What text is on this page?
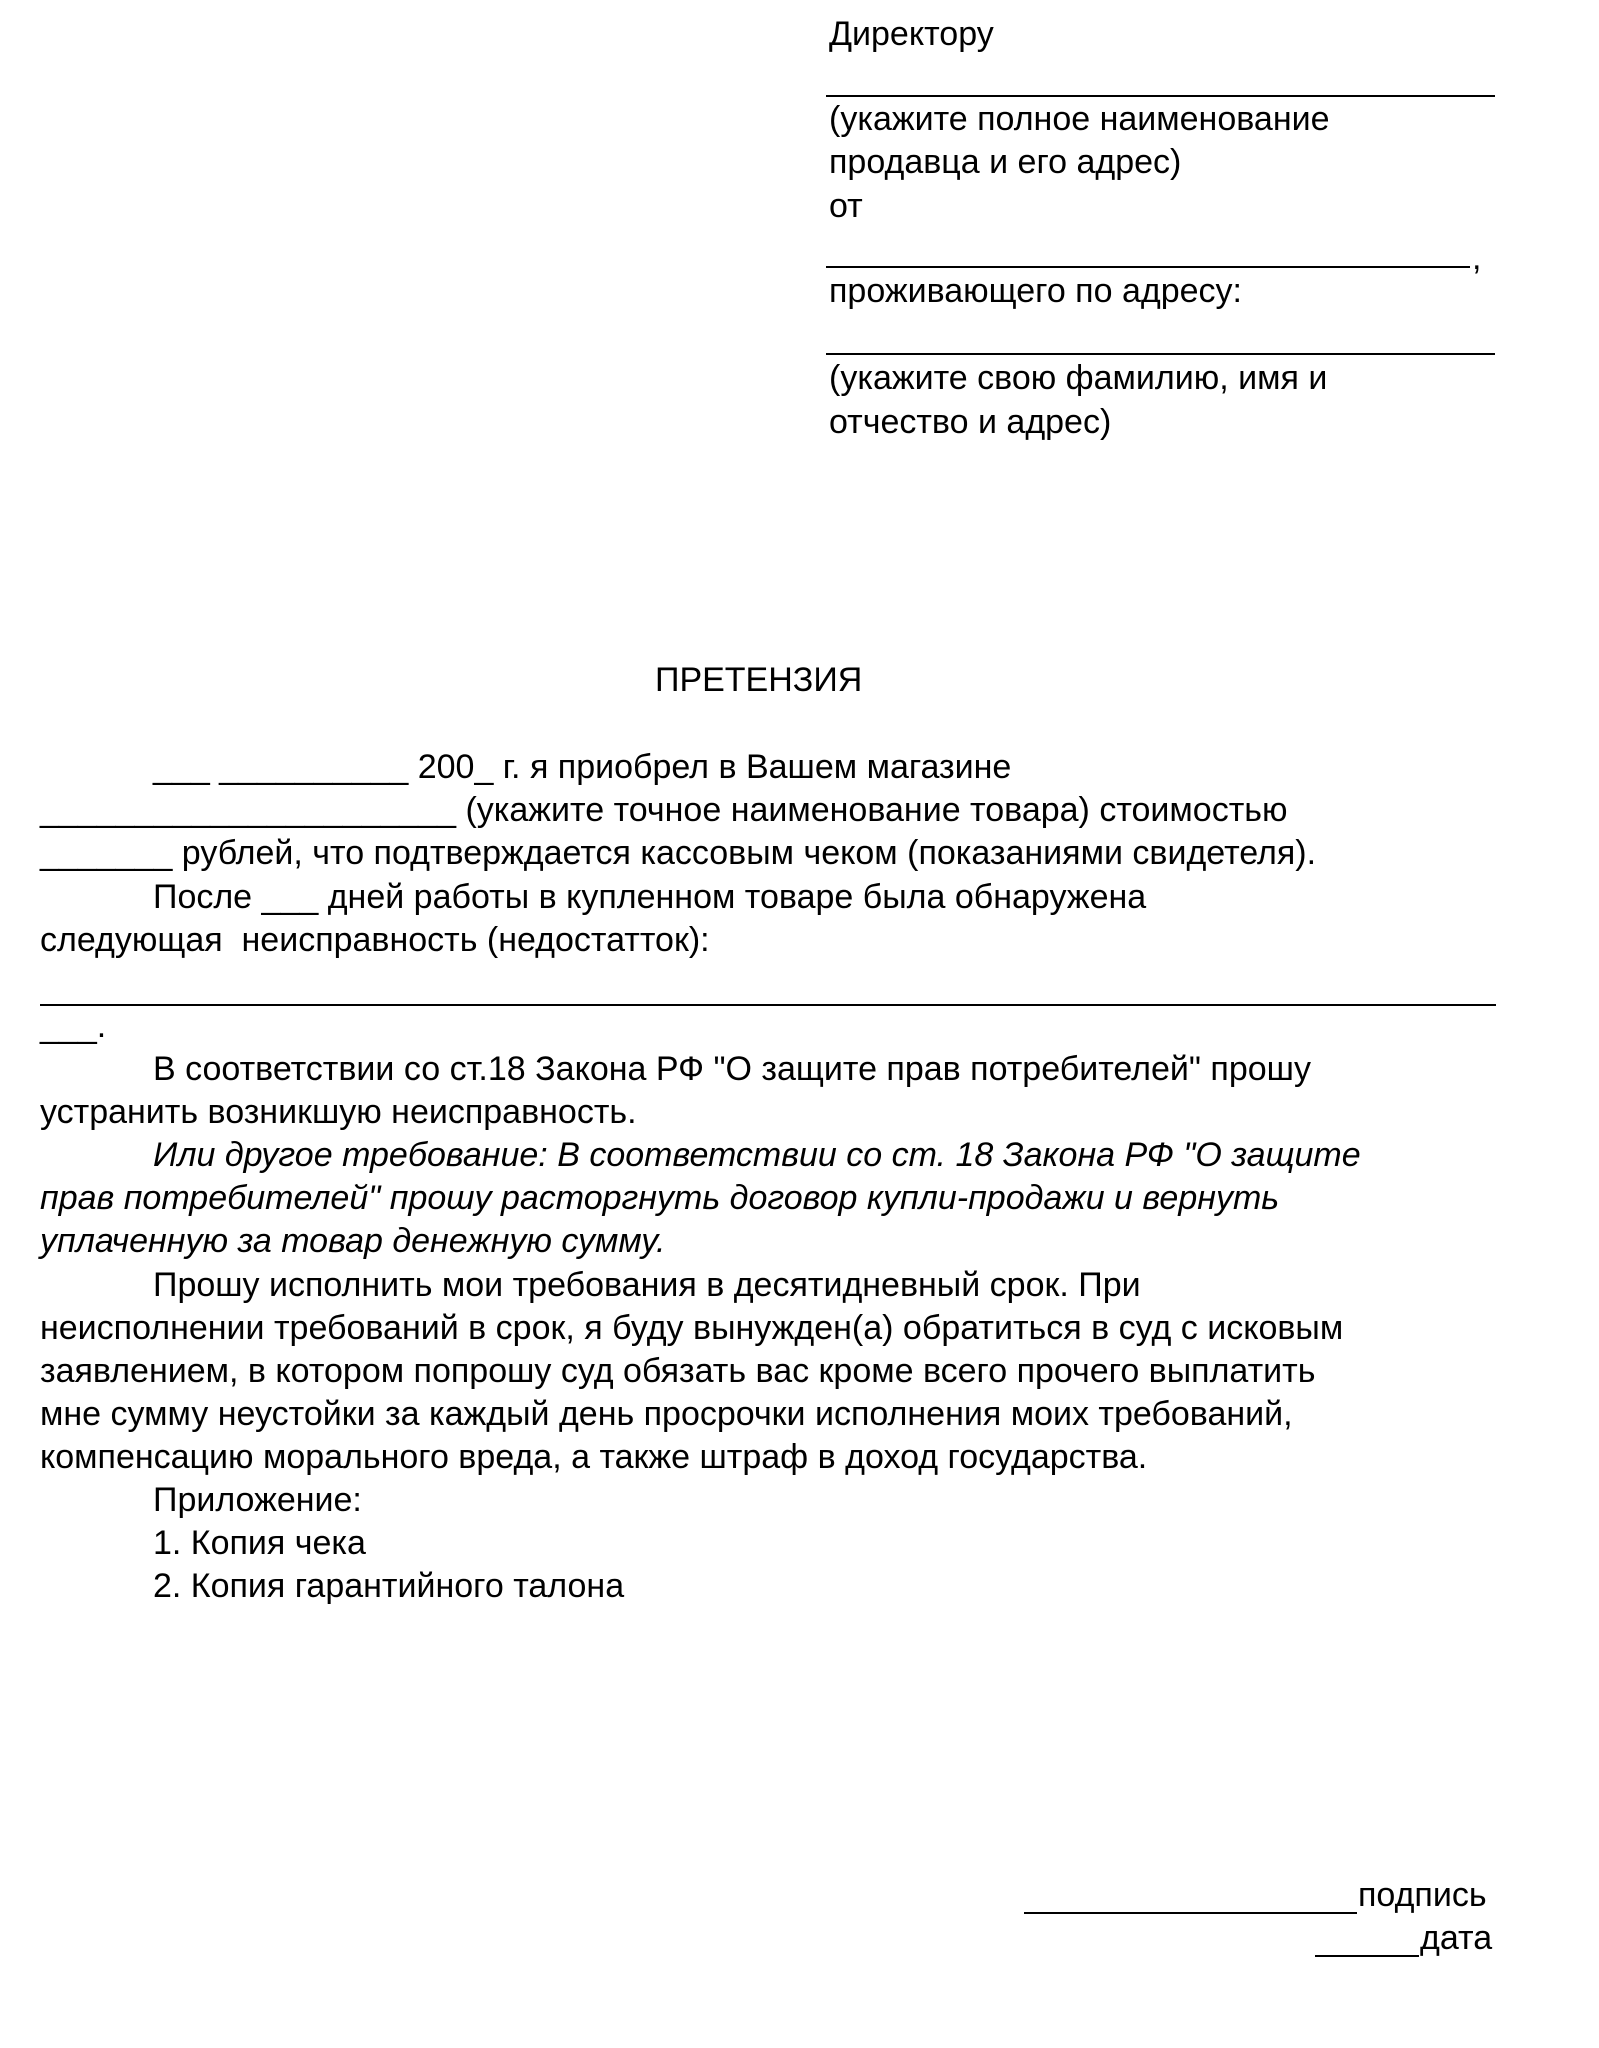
Директору
(укажите полное наименование
продавца и его адрес)
от
,
проживающего по адресу:
(укажите свою фамилию, имя и
отчество и адрес)
ПРЕТЕНЗИЯ
___ __________ 200_ г. я приобрел в Вашем магазине
______________________ (укажите точное наименование товара) стоимостью
_______ рублей, что подтверждается кассовым чеком (показаниями свидетеля).
После ___ дней работы в купленном товаре была обнаружена
следующая  неисправность (недостатток):
___.
В соответствии со ст.18 Закона РФ "О защите прав потребителей" прошу
устранить возникшую неисправность.
Или другое требование: В соответствии со ст. 18 Закона РФ "О защите
прав потребителей" прошу расторгнуть договор купли-продажи и вернуть
уплаченную за товар денежную сумму.
Прошу исполнить мои требования в десятидневный срок. При
неисполнении требований в срок, я буду вынужден(а) обратиться в суд с исковым
заявлением, в котором попрошу суд обязать вас кроме всего прочего выплатить
мне сумму неустойки за каждый день просрочки исполнения моих требований,
компенсацию морального вреда, а также штраф в доход государства.
Приложение:
1. Копия чека
2. Копия гарантийного талона
подпись
дата
